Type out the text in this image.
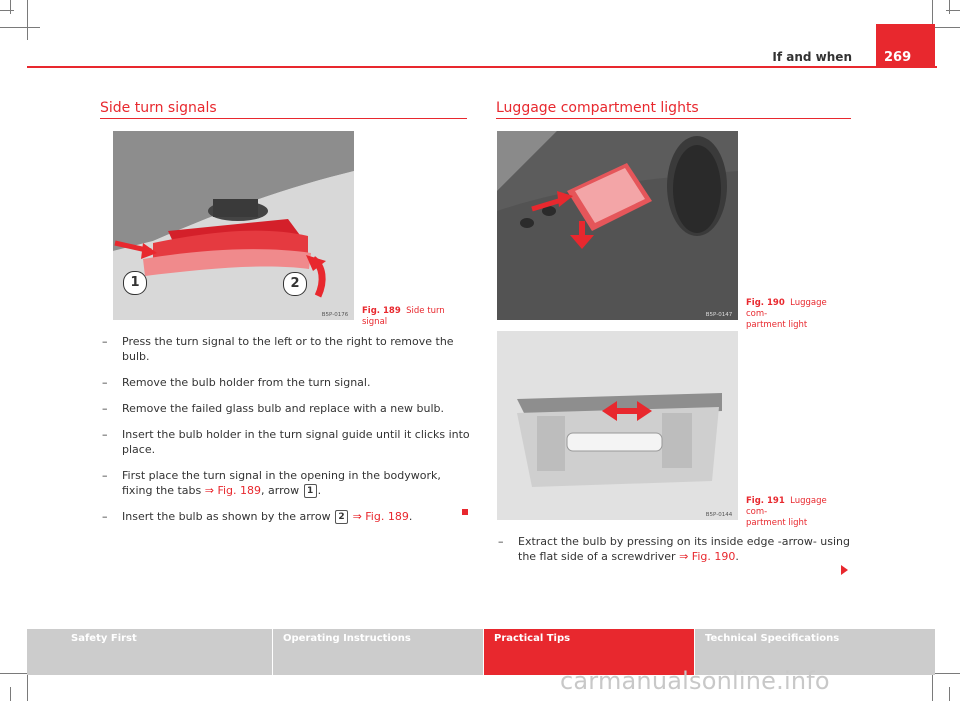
269
If and when
Side turn signals
B5P-0176
1	2
Fig. 189 Side turn signal
– Press the turn signal to the left or to the right to remove the bulb.
– Remove the bulb holder from the turn signal.
– Remove the failed glass bulb and replace with a new bulb.
– Insert the bulb holder in the turn signal guide until it clicks into place.
– First place the turn signal in the opening in the bodywork, fixing the tabs ⇒ Fig. 189, arrow 1 .
– Insert the bulb as shown by the arrow 2 ⇒ Fig. 189.
Luggage compartment lights
B5P-0147
Fig. 190 Luggage com-
partment light
B5P-0144
Fig. 191 Luggage com-
partment light
– Extract the bulb by pressing on its inside edge -arrow- using the flat side of a screwdriver ⇒ Fig. 190.
Safety First	Operating Instructions	Practical Tips	Technical Specifications
carmanualsonline.info
